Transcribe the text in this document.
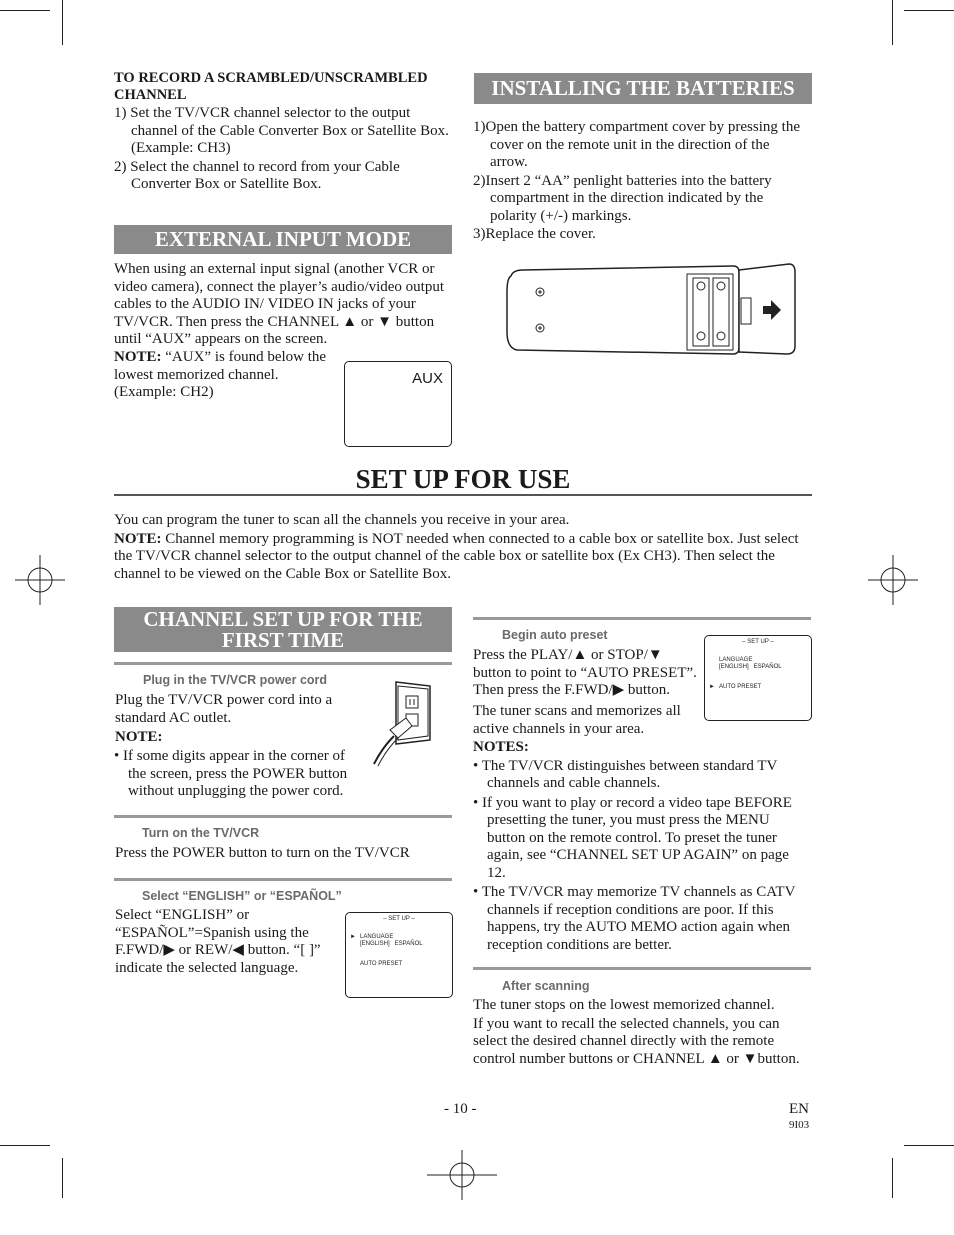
TO RECORD A SCRAMBLED/UNSCRAMBLED CHANNEL

1) Set the TV/VCR channel selector to the output channel of the Cable Converter Box or Satellite Box. (Example: CH3)

2) Select the channel to record from your Cable Converter Box or Satellite Box.

EXTERNAL INPUT MODE

When using an external input signal (another VCR or video camera), connect the player’s audio/video output cables to the AUDIO IN/ VIDEO IN jacks of your TV/VCR. Then press the CHANNEL ▲ or ▼ button until “AUX” appears on the screen.

NOTE: “AUX” is found below the lowest memorized channel. (Example: CH2)
AUX
INSTALLING THE BATTERIES

1)Open the battery compartment cover by pressing the cover on the remote unit in the direction of the arrow.

2)Insert 2 “AA” penlight batteries into the battery compartment in the direction indicated by the polarity (+/-) markings.

3)Replace the cover.

SET UP FOR USE

You can program the tuner to scan all the channels you receive in your area.

NOTE: Channel memory programming is NOT needed when connected to a cable box or satellite box. Just select the TV/VCR channel selector to the output channel of the cable box or satellite box (Ex CH3). Then select the channel to be viewed on the Cable Box or Satellite Box.

CHANNEL SET UP FOR THE
FIRST TIME
Plug in the TV/VCR power cord

Plug the TV/VCR power cord into a standard AC outlet.

NOTE:

• If some digits appear in the corner of the screen, press the POWER button without unplugging the power cord.

Turn on the TV/VCR
Press the POWER button to turn on the TV/VCR
Select “ENGLISH” or “ESPAÑOL”
Select “ENGLISH” or “ESPAÑOL”=Spanish using the F.FWD/▶ or REW/◀ button. “[ ]” indicate the selected language.
– SET UP –
► LANGUAGE
[ENGLISH]   ESPAÑOL
AUTO PRESET
Begin auto preset
Press the PLAY/▲ or STOP/▼ button to point to “AUTO PRESET”. Then press the F.FWD/▶ button.
The tuner scans and memorizes all active channels in your area.
– SET UP –
LANGUAGE
[ENGLISH]   ESPAÑOL
► AUTO PRESET

NOTES:

• The TV/VCR distinguishes between standard TV channels and cable channels.

• If you want to play or record a video tape BEFORE presetting the tuner, you must press the MENU button on the remote control. To preset the tuner again, see “CHANNEL SET UP AGAIN” on page 12.

• The TV/VCR may memorize TV channels as CATV channels if reception conditions are poor. If this happens, try the AUTO MEMO action again when reception conditions are better.

After scanning

The tuner stops on the lowest memorized channel.

If you want to recall the selected channels, you can select the desired channel directly with the remote control number buttons or CHANNEL ▲ or ▼button.

- 10 -	EN
9I03
